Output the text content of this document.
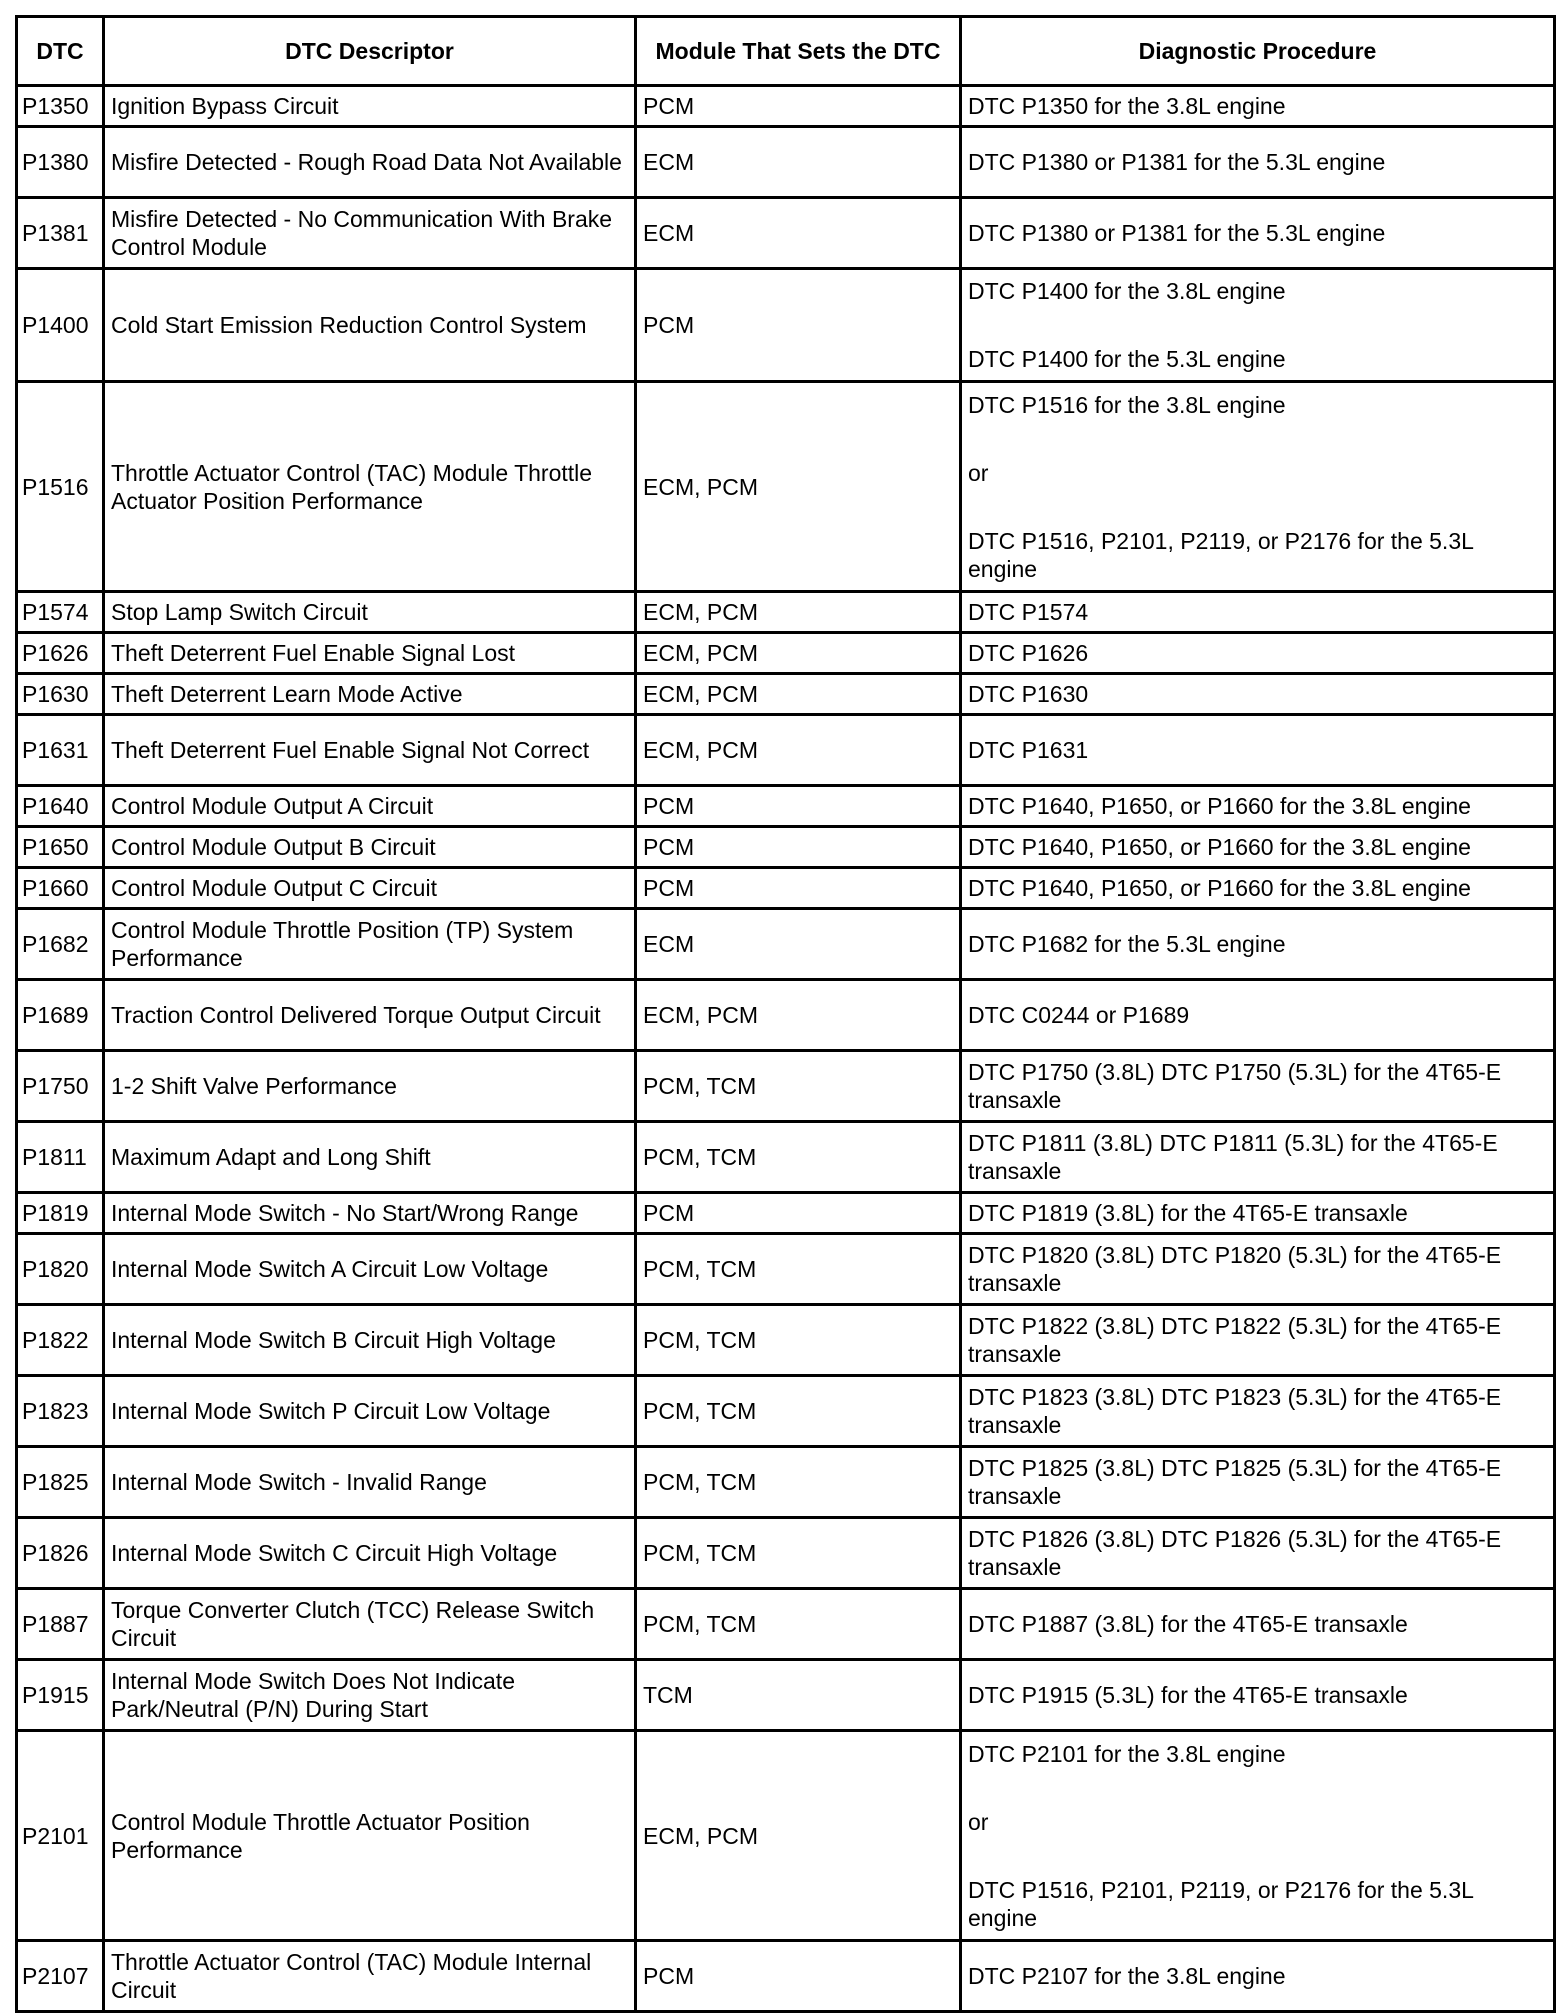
DTC	DTC Descriptor	Module That Sets the DTC	Diagnostic Procedure
P1350	Ignition Bypass Circuit	PCM	DTC P1350 for the 3.8L engine

P1380	Misfire Detected - Rough Road Data Not Available	ECM	DTC P1380 or P1381 for the 5.3L engine

P1381	Misfire Detected - No Communication With Brake Control Module	ECM	DTC P1380 or P1381 for the 5.3L engine

P1400	Cold Start Emission Reduction Control System	PCM	DTC P1400 for the 3.8L engine
DTC P1400 for the 5.3L engine

P1516	Throttle Actuator Control (TAC) Module Throttle Actuator Position Performance	ECM, PCM	DTC P1516 for the 3.8L engine
or
DTC P1516, P2101, P2119, or P2176 for the 5.3L engine

P1574	Stop Lamp Switch Circuit	ECM, PCM	DTC P1574

P1626	Theft Deterrent Fuel Enable Signal Lost	ECM, PCM	DTC P1626

P1630	Theft Deterrent Learn Mode Active	ECM, PCM	DTC P1630

P1631	Theft Deterrent Fuel Enable Signal Not Correct	ECM, PCM	DTC P1631

P1640	Control Module Output A Circuit	PCM	DTC P1640, P1650, or P1660 for the 3.8L engine

P1650	Control Module Output B Circuit	PCM	DTC P1640, P1650, or P1660 for the 3.8L engine

P1660	Control Module Output C Circuit	PCM	DTC P1640, P1650, or P1660 for the 3.8L engine

P1682	Control Module Throttle Position (TP) System Performance	ECM	DTC P1682 for the 5.3L engine

P1689	Traction Control Delivered Torque Output Circuit	ECM, PCM	DTC C0244 or P1689

P1750	1-2 Shift Valve Performance	PCM, TCM	DTC P1750 (3.8L) DTC P1750 (5.3L) for the 4T65-E transaxle

P1811	Maximum Adapt and Long Shift	PCM, TCM	DTC P1811 (3.8L) DTC P1811 (5.3L) for the 4T65-E transaxle

P1819	Internal Mode Switch - No Start/Wrong Range	PCM	DTC P1819 (3.8L) for the 4T65-E transaxle

P1820	Internal Mode Switch A Circuit Low Voltage	PCM, TCM	DTC P1820 (3.8L) DTC P1820 (5.3L) for the 4T65-E transaxle

P1822	Internal Mode Switch B Circuit High Voltage	PCM, TCM	DTC P1822 (3.8L) DTC P1822 (5.3L) for the 4T65-E transaxle

P1823	Internal Mode Switch P Circuit Low Voltage	PCM, TCM	DTC P1823 (3.8L) DTC P1823 (5.3L) for the 4T65-E transaxle

P1825	Internal Mode Switch - Invalid Range	PCM, TCM	DTC P1825 (3.8L) DTC P1825 (5.3L) for the 4T65-E transaxle

P1826	Internal Mode Switch C Circuit High Voltage	PCM, TCM	DTC P1826 (3.8L) DTC P1826 (5.3L) for the 4T65-E transaxle

P1887	Torque Converter Clutch (TCC) Release Switch Circuit	PCM, TCM	DTC P1887 (3.8L) for the 4T65-E transaxle

P1915	Internal Mode Switch Does Not Indicate Park/Neutral (P/N) During Start	TCM	DTC P1915 (5.3L) for the 4T65-E transaxle

P2101	Control Module Throttle Actuator Position Performance	ECM, PCM	DTC P2101 for the 3.8L engine
or
DTC P1516, P2101, P2119, or P2176 for the 5.3L engine

P2107	Throttle Actuator Control (TAC) Module Internal Circuit	PCM	DTC P2107 for the 3.8L engine
